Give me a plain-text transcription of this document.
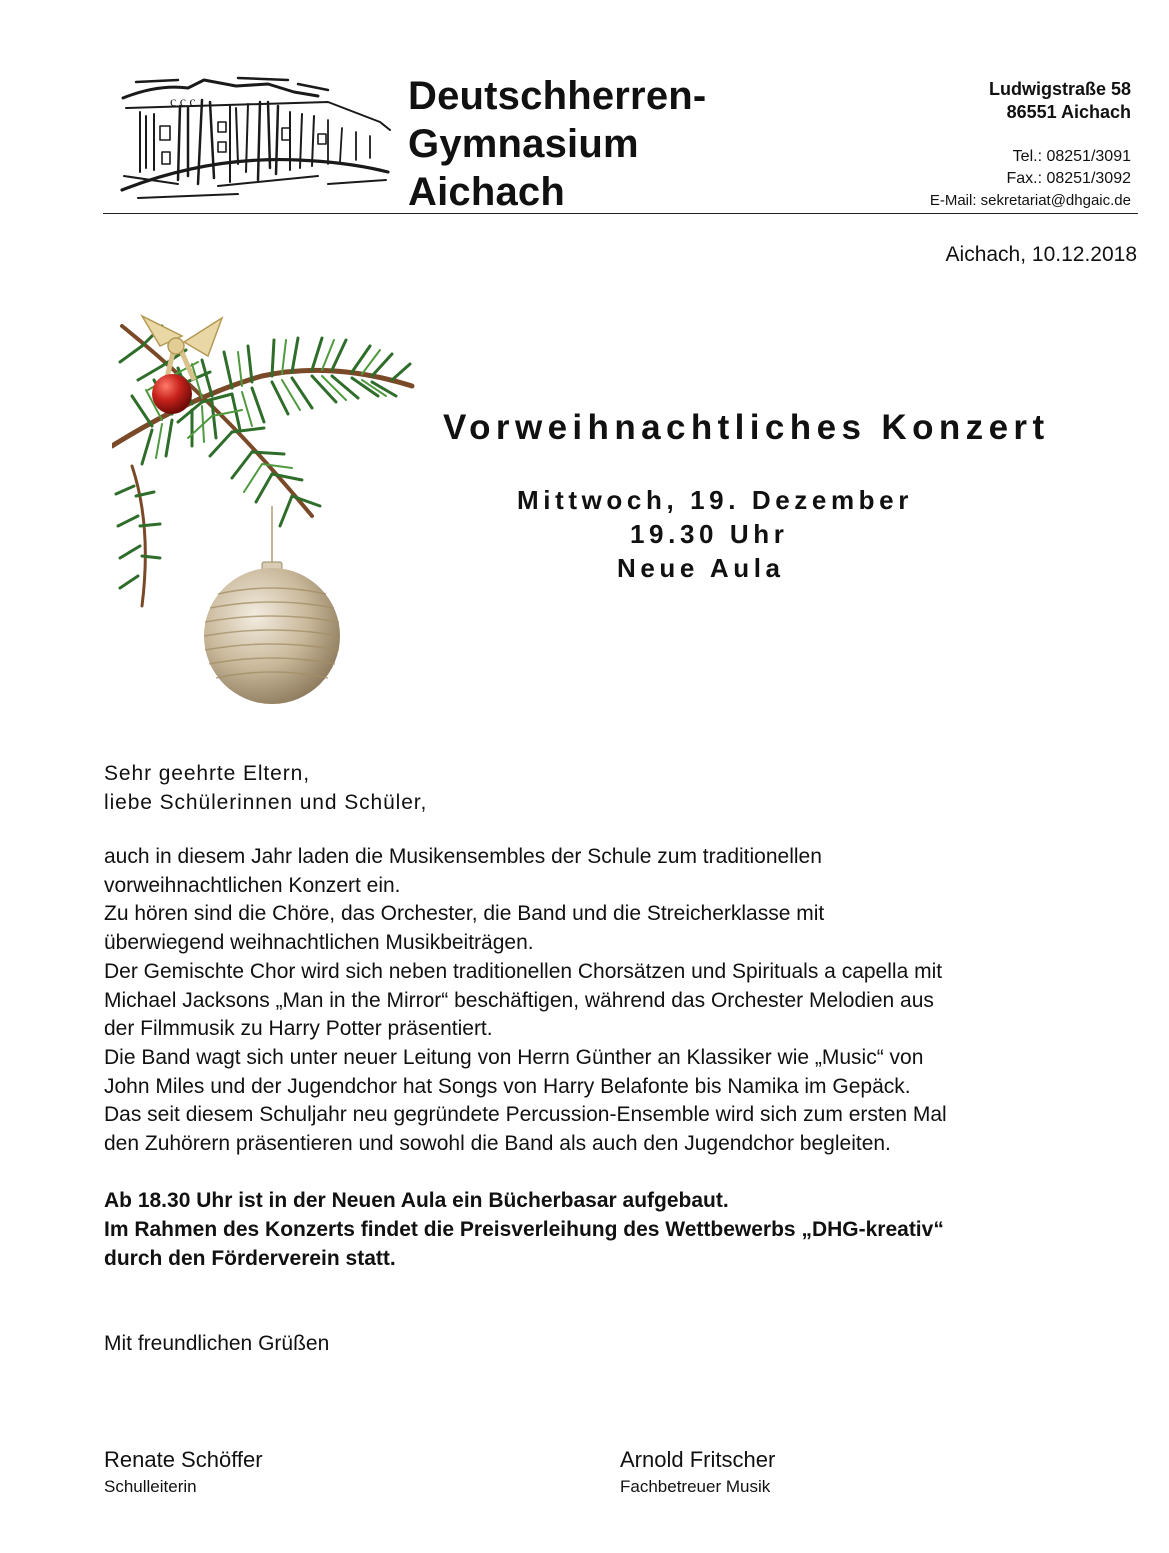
c c c	Deutschherren-
Gymnasium
Aichach
Ludwigstraße 58
86551 Aichach
Tel.: 08251/3091
Fax.: 08251/3092
E-Mail: sekretariat@dhgaic.de
Aichach, 10.12.2018
Vorweihnachtliches Konzert
Mittwoch, 19. Dezember
19.30 Uhr
Neue Aula
Sehr geehrte Eltern,
liebe Schülerinnen und Schüler,
auch in diesem Jahr laden die Musikensembles der Schule zum traditionellen
vorweihnachtlichen Konzert ein.
Zu hören sind die Chöre, das Orchester, die Band und die Streicherklasse mit
überwiegend weihnachtlichen Musikbeiträgen.
Der Gemischte Chor wird sich neben traditionellen Chorsätzen und Spirituals a capella mit
Michael Jacksons „Man in the Mirror“ beschäftigen, während das Orchester Melodien aus
der Filmmusik zu Harry Potter präsentiert.
Die Band wagt sich unter neuer Leitung von Herrn Günther an Klassiker wie „Music“ von
John Miles und der Jugendchor hat Songs von Harry Belafonte bis Namika im Gepäck.
Das seit diesem Schuljahr neu gegründete Percussion-Ensemble wird sich zum ersten Mal
den Zuhörern präsentieren und sowohl die Band als auch den Jugendchor begleiten.
Ab 18.30 Uhr ist in der Neuen Aula ein Bücherbasar aufgebaut.
Im Rahmen des Konzerts findet die Preisverleihung des Wettbewerbs „DHG-kreativ“
durch den Förderverein statt.
Mit freundlichen Grüßen
Renate Schöffer
Schulleiterin
Arnold Fritscher
Fachbetreuer Musik
